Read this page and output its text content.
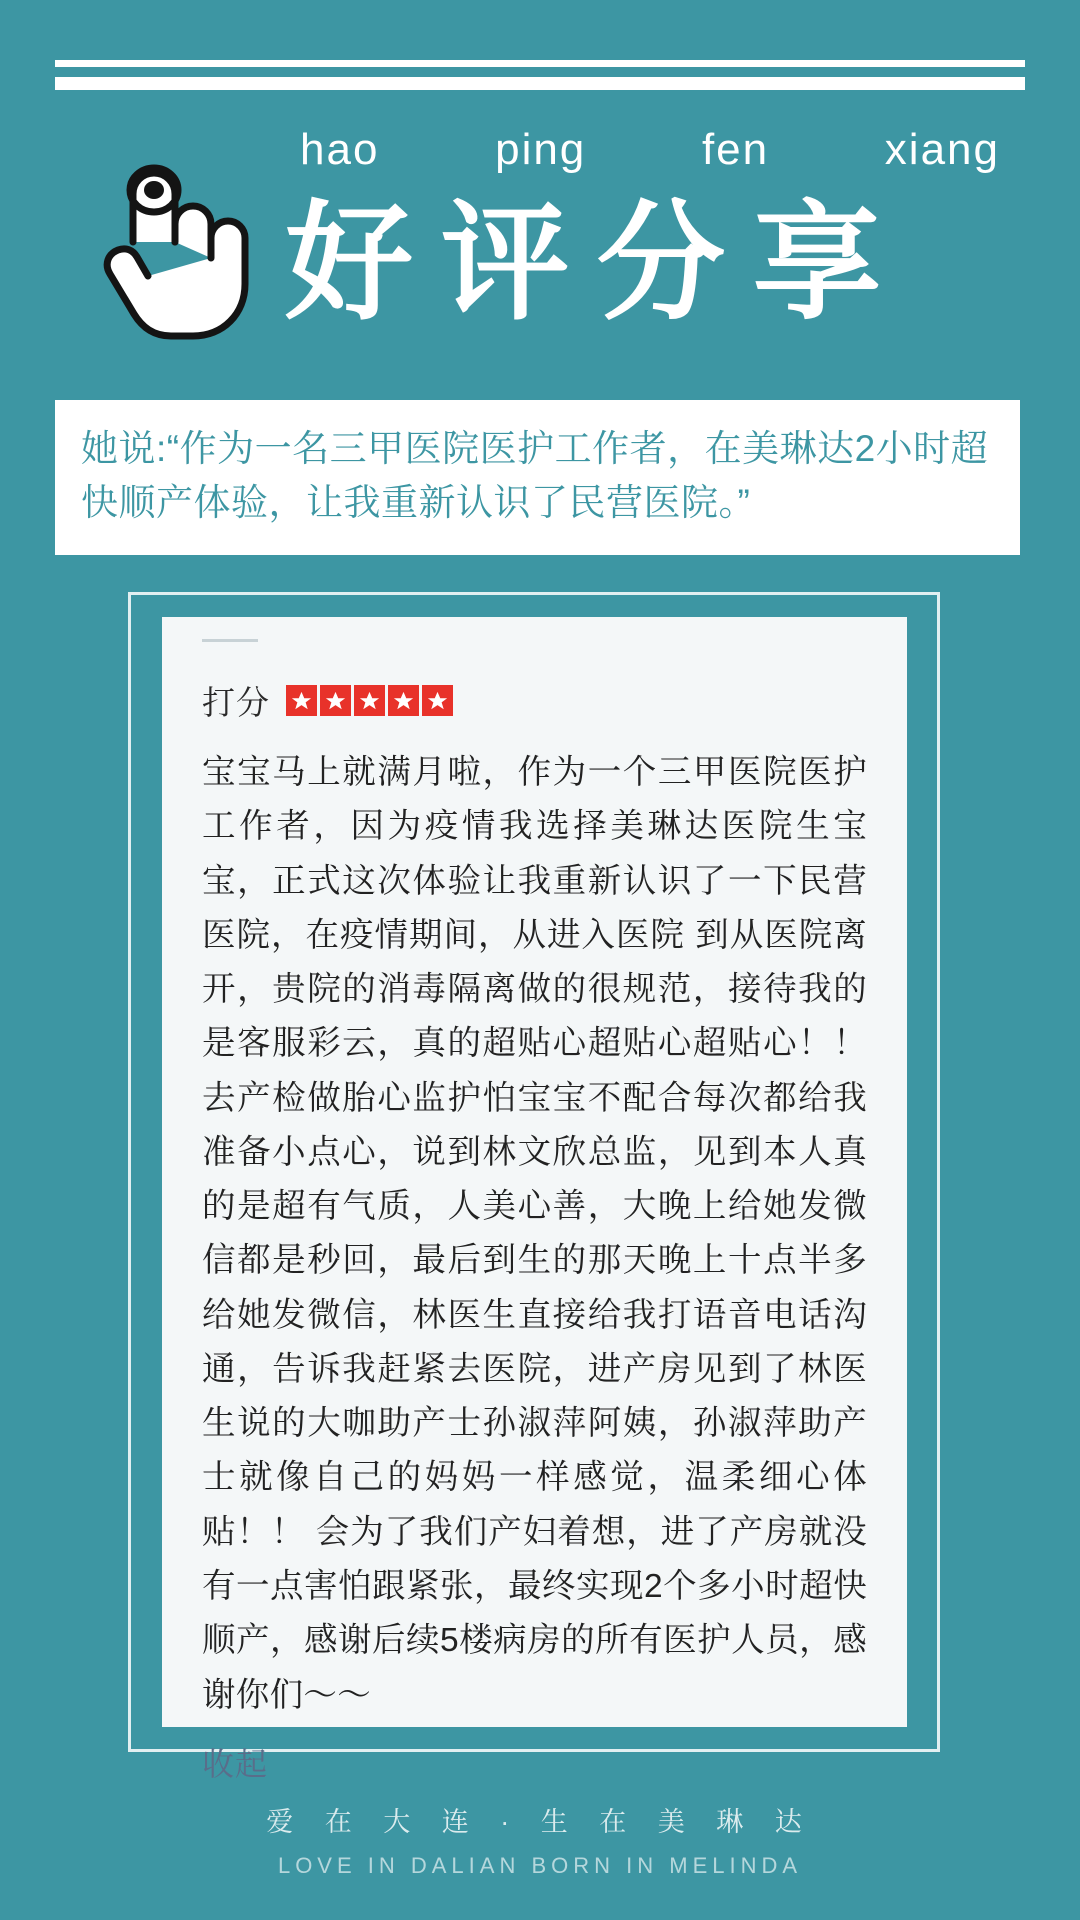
hao	ping	fen	xiang
好评分享
她说:“作为一名三甲医院医护工作者，在美琳达2小时超快顺产体验，让我重新认识了民营医院。”
打分
宝宝马上就满月啦，作为一个三甲医院医护工作者，因为疫情我选择美琳达医院生宝宝，正式这次体验让我重新认识了一下民营医院，在疫情期间，从进入医院 到从医院离开，贵院的消毒隔离做的很规范，接待我的是客服彩云，真的超贴心超贴心超贴心！！去产检做胎心监护怕宝宝不配合每次都给我准备小点心，说到林文欣总监，见到本人真的是超有气质，人美心善，大晚上给她发微信都是秒回，最后到生的那天晚上十点半多给她发微信，林医生直接给我打语音电话沟通，告诉我赶紧去医院，进产房见到了林医生说的大咖助产士孙淑萍阿姨，孙淑萍助产士就像自己的妈妈一样感觉，温柔细心体贴！！ 会为了我们产妇着想，进了产房就没有一点害怕跟紧张，最终实现2个多小时超快顺产，感谢后续5楼病房的所有医护人员，感谢你们～～
收起
爱 在 大 连 · 生 在 美 琳 达
LOVE IN DALIAN BORN IN MELINDA
